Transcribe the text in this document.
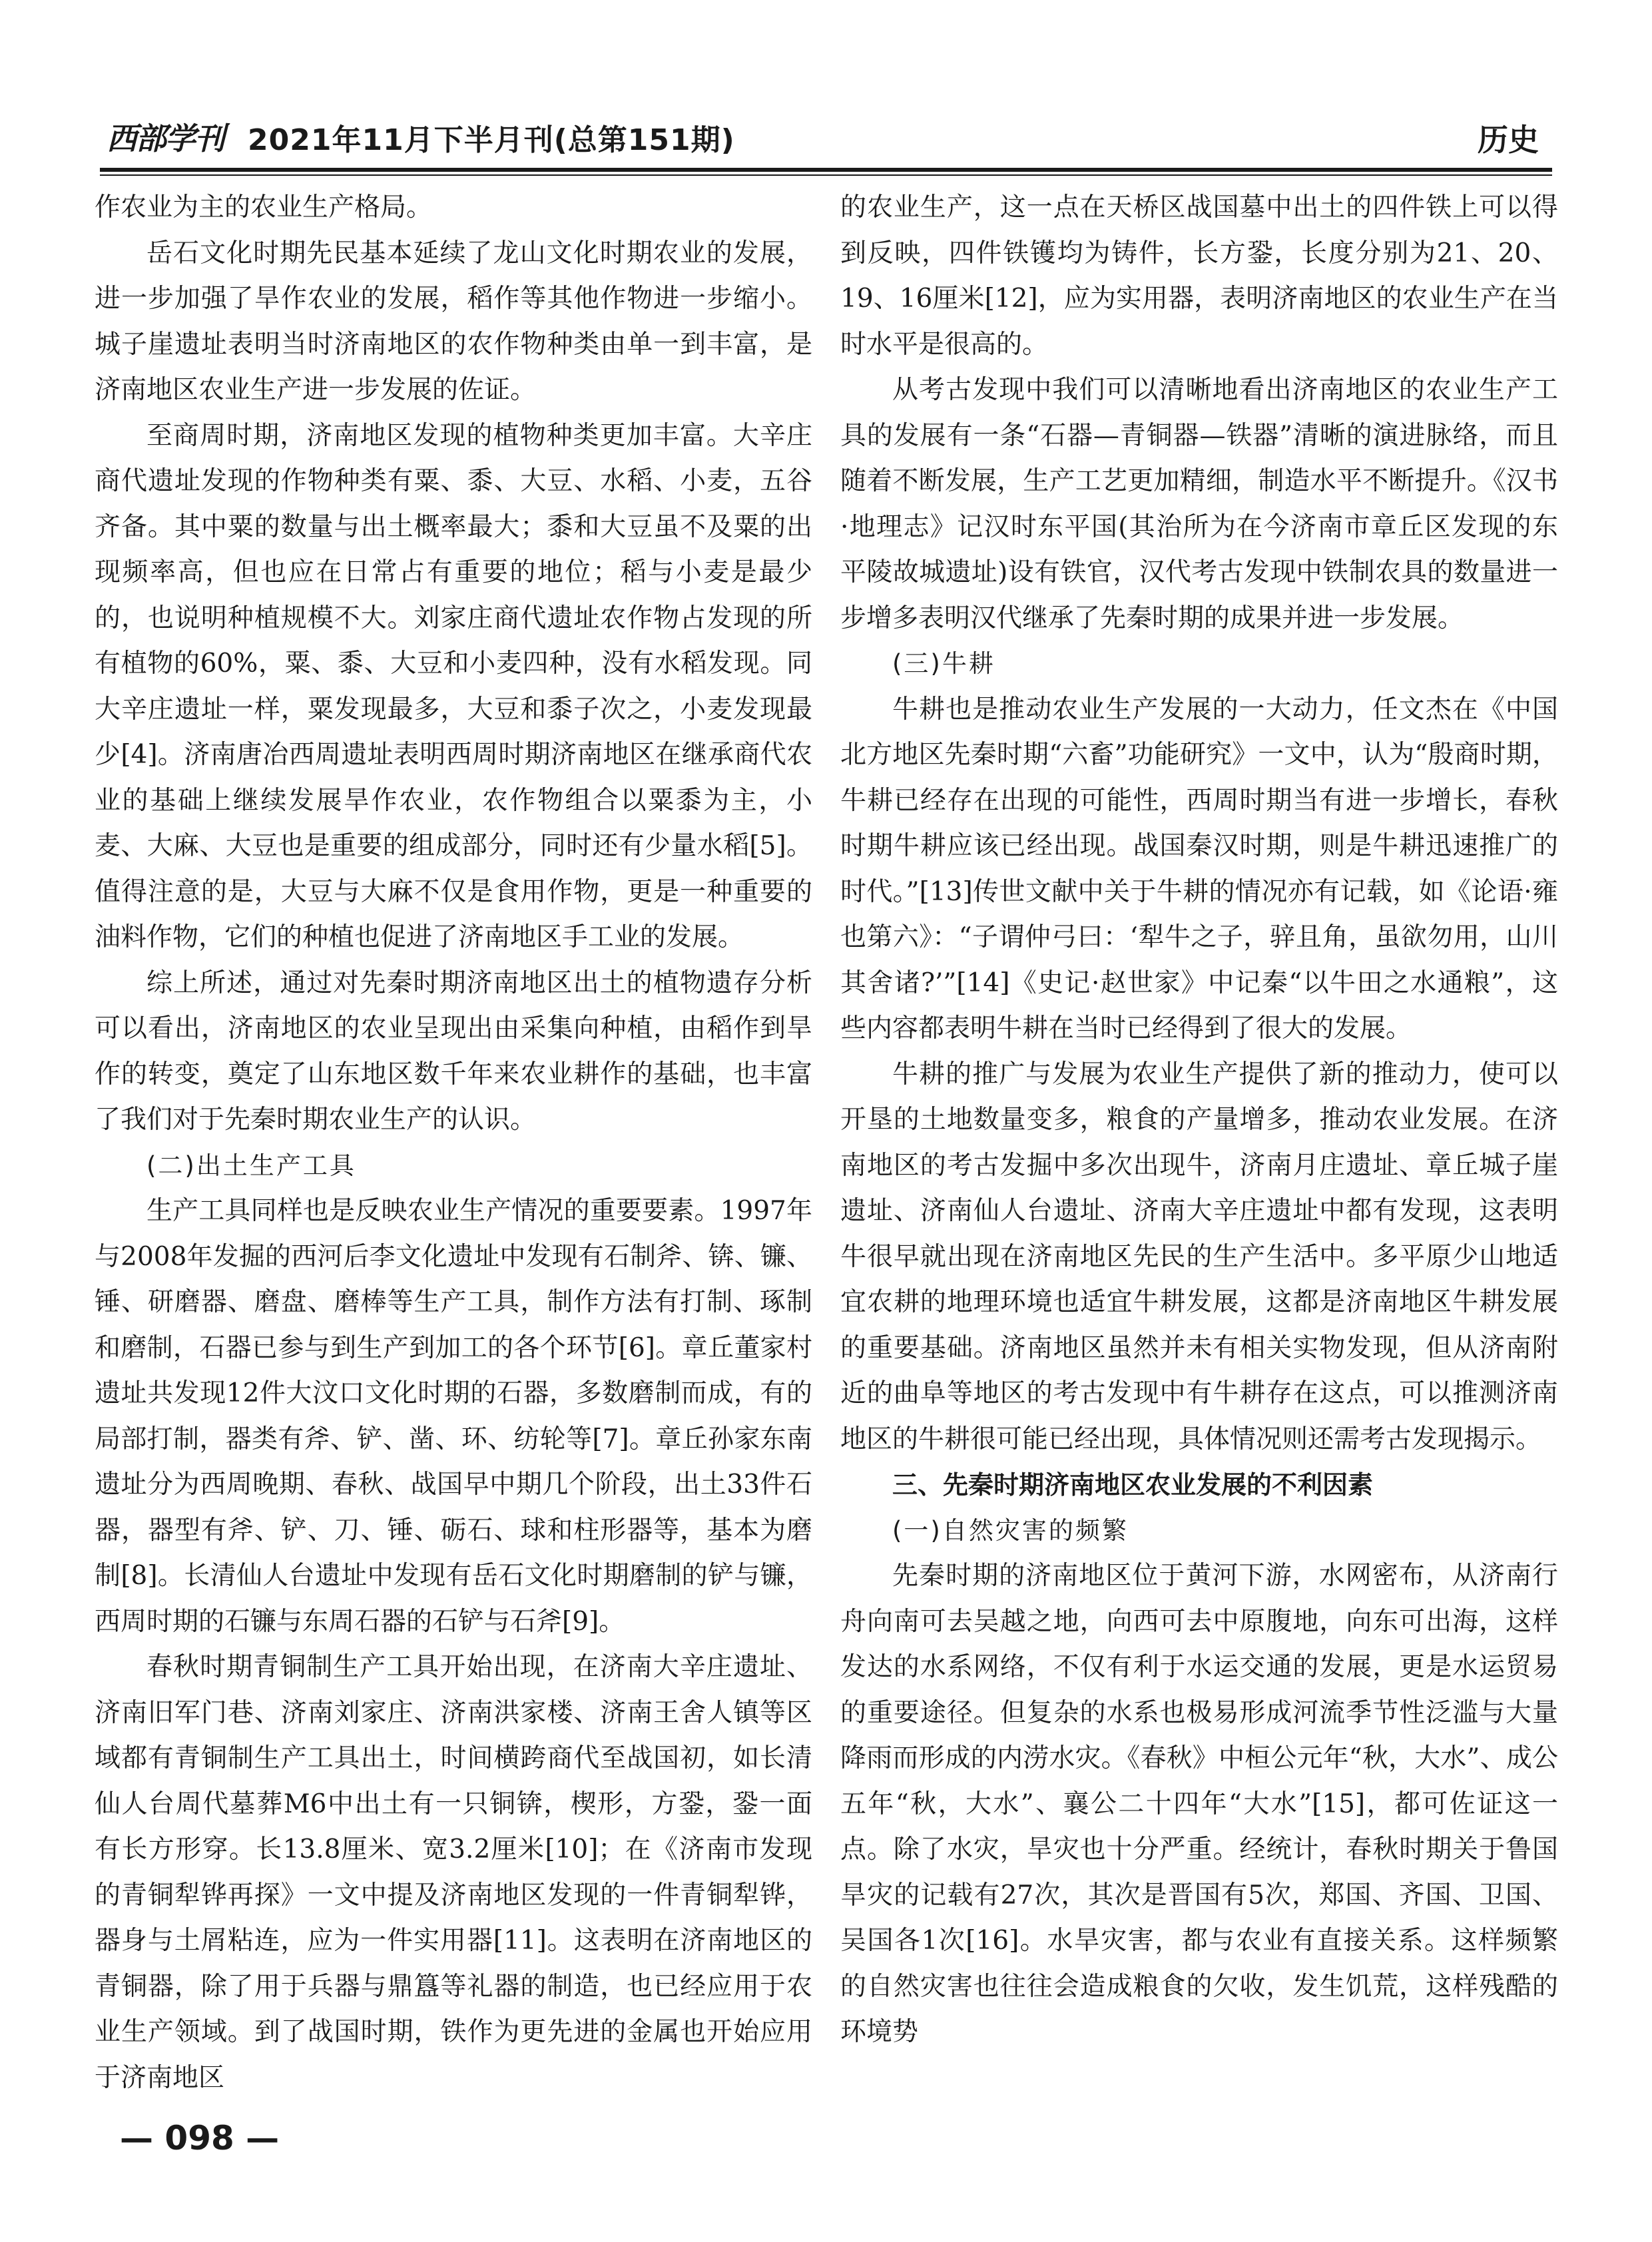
西部学刊 2021年11月下半月刊(总第151期)	历史

作农业为主的农业生产格局。

岳石文化时期先民基本延续了龙山文化时期农业的发展，进一步加强了旱作农业的发展，稻作等其他作物进一步缩小。城子崖遗址表明当时济南地区的农作物种类由单一到丰富，是济南地区农业生产进一步发展的佐证。

至商周时期，济南地区发现的植物种类更加丰富。大辛庄商代遗址发现的作物种类有粟、黍、大豆、水稻、小麦，五谷齐备。其中粟的数量与出土概率最大；黍和大豆虽不及粟的出现频率高，但也应在日常占有重要的地位；稻与小麦是最少的，也说明种植规模不大。刘家庄商代遗址农作物占发现的所有植物的60%，粟、黍、大豆和小麦四种，没有水稻发现。同大辛庄遗址一样，粟发现最多，大豆和黍子次之，小麦发现最少[4]。济南唐冶西周遗址表明西周时期济南地区在继承商代农业的基础上继续发展旱作农业，农作物组合以粟黍为主，小麦、大麻、大豆也是重要的组成部分，同时还有少量水稻[5]。值得注意的是，大豆与大麻不仅是食用作物，更是一种重要的油料作物，它们的种植也促进了济南地区手工业的发展。

综上所述，通过对先秦时期济南地区出土的植物遗存分析可以看出，济南地区的农业呈现出由采集向种植，由稻作到旱作的转变，奠定了山东地区数千年来农业耕作的基础，也丰富了我们对于先秦时期农业生产的认识。

(二)出土生产工具

生产工具同样也是反映农业生产情况的重要要素。1997年与2008年发掘的西河后李文化遗址中发现有石制斧、锛、镰、锤、研磨器、磨盘、磨棒等生产工具，制作方法有打制、琢制和磨制，石器已参与到生产到加工的各个环节[6]。章丘董家村遗址共发现12件大汶口文化时期的石器，多数磨制而成，有的局部打制，器类有斧、铲、凿、环、纺轮等[7]。章丘孙家东南遗址分为西周晚期、春秋、战国早中期几个阶段，出土33件石器，器型有斧、铲、刀、锤、砺石、球和柱形器等，基本为磨制[8]。长清仙人台遗址中发现有岳石文化时期磨制的铲与镰，西周时期的石镰与东周石器的石铲与石斧[9]。

春秋时期青铜制生产工具开始出现，在济南大辛庄遗址、济南旧军门巷、济南刘家庄、济南洪家楼、济南王舍人镇等区域都有青铜制生产工具出土，时间横跨商代至战国初，如长清仙人台周代墓葬M6中出土有一只铜锛，楔形，方銎，銎一面有长方形穿。长13.8厘米、宽3.2厘米[10]；在《济南市发现的青铜犁铧再探》一文中提及济南地区发现的一件青铜犁铧，器身与土屑粘连，应为一件实用器[11]。这表明在济南地区的青铜器，除了用于兵器与鼎簋等礼器的制造，也已经应用于农业生产领域。到了战国时期，铁作为更先进的金属也开始应用于济南地区

的农业生产，这一点在天桥区战国墓中出土的四件铁上可以得到反映，四件铁镬均为铸件，长方銎，长度分别为21、20、19、16厘米[12]，应为实用器，表明济南地区的农业生产在当时水平是很高的。

从考古发现中我们可以清晰地看出济南地区的农业生产工具的发展有一条“石器—青铜器—铁器”清晰的演进脉络，而且随着不断发展，生产工艺更加精细，制造水平不断提升。《汉书·地理志》记汉时东平国(其治所为在今济南市章丘区发现的东平陵故城遗址)设有铁官，汉代考古发现中铁制农具的数量进一步增多表明汉代继承了先秦时期的成果并进一步发展。

(三)牛耕

牛耕也是推动农业生产发展的一大动力，任文杰在《中国北方地区先秦时期“六畜”功能研究》一文中，认为“殷商时期，牛耕已经存在出现的可能性，西周时期当有进一步增长，春秋时期牛耕应该已经出现。战国秦汉时期，则是牛耕迅速推广的时代。”[13]传世文献中关于牛耕的情况亦有记载，如《论语·雍也第六》：“子谓仲弓曰：‘犁牛之子，骍且角，虽欲勿用，山川其舍诸?’”[14]《史记·赵世家》中记秦“以牛田之水通粮”，这些内容都表明牛耕在当时已经得到了很大的发展。

牛耕的推广与发展为农业生产提供了新的推动力，使可以开垦的土地数量变多，粮食的产量增多，推动农业发展。在济南地区的考古发掘中多次出现牛，济南月庄遗址、章丘城子崖遗址、济南仙人台遗址、济南大辛庄遗址中都有发现，这表明牛很早就出现在济南地区先民的生产生活中。多平原少山地适宜农耕的地理环境也适宜牛耕发展，这都是济南地区牛耕发展的重要基础。济南地区虽然并未有相关实物发现，但从济南附近的曲阜等地区的考古发现中有牛耕存在这点，可以推测济南地区的牛耕很可能已经出现，具体情况则还需考古发现揭示。

三、先秦时期济南地区农业发展的不利因素

(一)自然灾害的频繁

先秦时期的济南地区位于黄河下游，水网密布，从济南行舟向南可去吴越之地，向西可去中原腹地，向东可出海，这样发达的水系网络，不仅有利于水运交通的发展，更是水运贸易的重要途径。但复杂的水系也极易形成河流季节性泛滥与大量降雨而形成的内涝水灾。《春秋》中桓公元年“秋，大水”、成公五年“秋，大水”、襄公二十四年“大水”[15]，都可佐证这一点。除了水灾，旱灾也十分严重。经统计，春秋时期关于鲁国旱灾的记载有27次，其次是晋国有5次，郑国、齐国、卫国、吴国各1次[16]。水旱灾害，都与农业有直接关系。这样频繁的自然灾害也往往会造成粮食的欠收，发生饥荒，这样残酷的环境势

— 098 —
